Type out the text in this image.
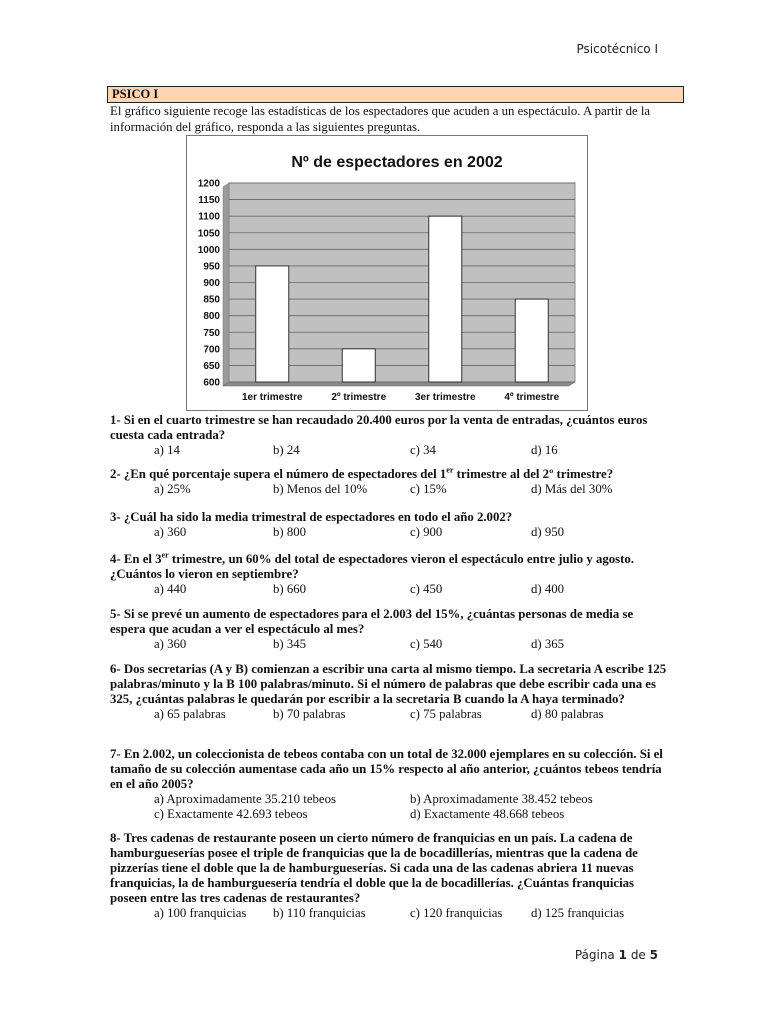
Psicotécnico I
PSICO I
El gráfico siguiente recoge las estadísticas de los espectadores que acuden a un espectáculo. A partir de la información del gráfico, responda a las siguientes preguntas.
600
650
700
750
800
850
900
950
1000
1050
1100
1150
1200
1er trimestre	2º trimestre	3er trimestre	4º trimestre
Nº de espectadores en 2002
1- Si en el cuarto trimestre se han recaudado 20.400 euros por la venta de entradas, ¿cuántos euros cuesta cada entrada?
a) 14	b) 24	c) 34	d) 16
2- ¿En qué porcentaje supera el número de espectadores del 1er trimestre al del 2º trimestre?
a) 25%	b) Menos del 10%	c) 15%	d) Más del 30%
3- ¿Cuál ha sido la media trimestral de espectadores en todo el año 2.002?
a) 360	b) 800	c) 900	d) 950
4- En el 3er trimestre, un 60% del total de espectadores vieron el espectáculo entre julio y agosto. ¿Cuántos lo vieron en septiembre?
a) 440	b) 660	c) 450	d) 400
5- Si se prevé un aumento de espectadores para el 2.003 del 15%, ¿cuántas personas de media se espera que acudan a ver el espectáculo al mes?
a) 360	b) 345	c) 540	d) 365
6- Dos secretarias (A y B) comienzan a escribir una carta al mismo tiempo. La secretaria A escribe 125 palabras/minuto y la B 100 palabras/minuto. Si el número de palabras que debe escribir cada una es 325, ¿cuántas palabras le quedarán por escribir a la secretaria B cuando la A haya terminado?
a) 65 palabras	b) 70 palabras	c) 75 palabras	d) 80 palabras
7- En 2.002, un coleccionista de tebeos contaba con un total de 32.000 ejemplares en su colección. Si el tamaño de su colección aumentase cada año un 15% respecto al año anterior, ¿cuántos tebeos tendría en el año 2005?
a) Aproximadamente 35.210 tebeos	b) Aproximadamente 38.452 tebeos
c) Exactamente 42.693 tebeos	d) Exactamente 48.668 tebeos
8- Tres cadenas de restaurante poseen un cierto número de franquicias en un país. La cadena de hamburgueserías posee el triple de franquicias que la de bocadillerías, mientras que la cadena de pizzerías tiene el doble que la de hamburgueserías. Si cada una de las cadenas abriera 11 nuevas franquicias, la de hamburguesería tendría el doble que la de bocadillerías. ¿Cuántas franquicias poseen entre las tres cadenas de restaurantes?
a) 100 franquicias b) 110 franquicias	c) 120 franquicias d) 125 franquicias
Página 1 de 5
